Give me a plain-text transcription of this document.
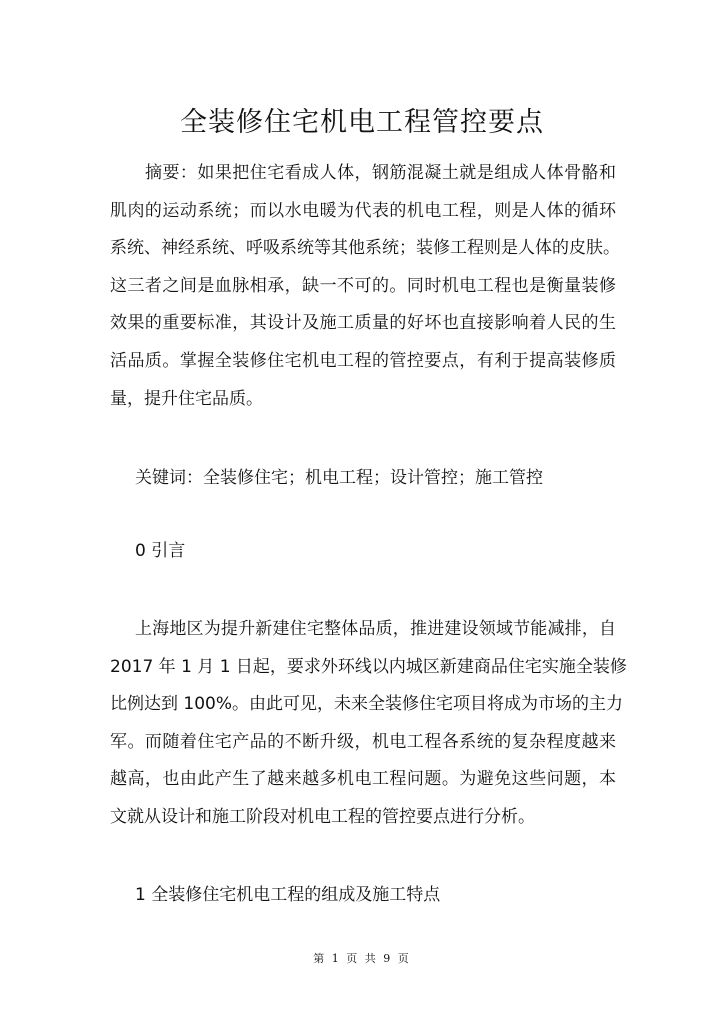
全装修住宅机电工程管控要点
摘要：如果把住宅看成人体，钢筋混凝土就是组成人体骨骼和
肌肉的运动系统；而以水电暖为代表的机电工程，则是人体的循环
系统、神经系统、呼吸系统等其他系统；装修工程则是人体的皮肤。
这三者之间是血脉相承，缺一不可的。同时机电工程也是衡量装修
效果的重要标准，其设计及施工质量的好坏也直接影响着人民的生
活品质。掌握全装修住宅机电工程的管控要点，有利于提高装修质
量，提升住宅品质。
关键词：全装修住宅；机电工程；设计管控；施工管控
0 引言
上海地区为提升新建住宅整体品质，推进建设领域节能减排，自
2017 年 1 月 1 日起，要求外环线以内城区新建商品住宅实施全装修
比例达到 100%。由此可见，未来全装修住宅项目将成为市场的主力
军。而随着住宅产品的不断升级，机电工程各系统的复杂程度越来
越高，也由此产生了越来越多机电工程问题。为避免这些问题，本
文就从设计和施工阶段对机电工程的管控要点进行分析。
1 全装修住宅机电工程的组成及施工特点
第 1 页 共 9 页
